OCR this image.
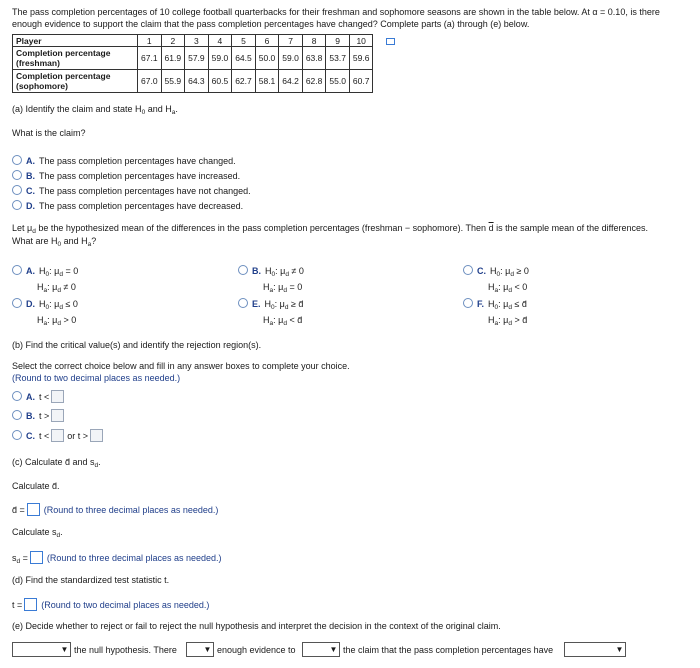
The pass completion percentages of 10 college football quarterbacks for their freshman and sophomore seasons are shown in the table below. At α = 0.10, is there enough evidence to support the claim that the pass completion percentages have changed? Complete parts (a) through (e) below.
Player	1	2	3	4	5	6	7	8	9	10
Completion percentage (freshman)	67.1	61.9	57.9	59.0	64.5	50.0	59.0	63.8	53.7	59.6
Completion percentage (sophomore)	67.0	55.9	64.3	60.5	62.7	58.1	64.2	62.8	55.0	60.7
(a) Identify the claim and state $H_0$ and $H_a$.
What is the claim?
A. The pass completion percentages have changed.
B. The pass completion percentages have increased.
C. The pass completion percentages have not changed.
D. The pass completion percentages have decreased.
Let $\mu_d$ be the hypothesized mean of the differences in the pass completion percentages (freshman − sophomore). Then $\overline{d}$ is the sample mean of the differences.
What are $H_0$ and $H_a$?
A. $H_0$: $\mu_d = 0$
$H_a$: $\mu_d \ne 0$
B. $H_0$: $\mu_d \ne 0$
$H_a$: $\mu_d = 0$
C. $H_0$: $\mu_d \ge 0$
$H_a$: $\mu_d < 0$
D. $H_0$: $\mu_d \le 0$
$H_a$: $\mu_d > 0$
E. $H_0$: $\mu_d$ ≥ d̄
$H_a$: $\mu_d$ < d̄
F. $H_0$: $\mu_d$ ≤ d̄
$H_a$: $\mu_d$ > d̄
(b) Find the critical value(s) and identify the rejection region(s).
Select the correct choice below and fill in any answer boxes to complete your choice.
(Round to two decimal places as needed.)
A. t <
B. t >
C. t < or t >
(c) Calculate d̄ and $s_d$.
Calculate d̄.
d̄ = (Round to three decimal places as needed.)
Calculate $s_d$.
$s_d$ = (Round to three decimal places as needed.)
(d) Find the standardized test statistic t.
t = (Round to two decimal places as needed.)
(e) Decide whether to reject or fail to reject the null hypothesis and interpret the decision in the context of the original claim.
▼ the null hypothesis. There	▼ enough evidence to	▼ the claim that the pass completion percentages have	▼
